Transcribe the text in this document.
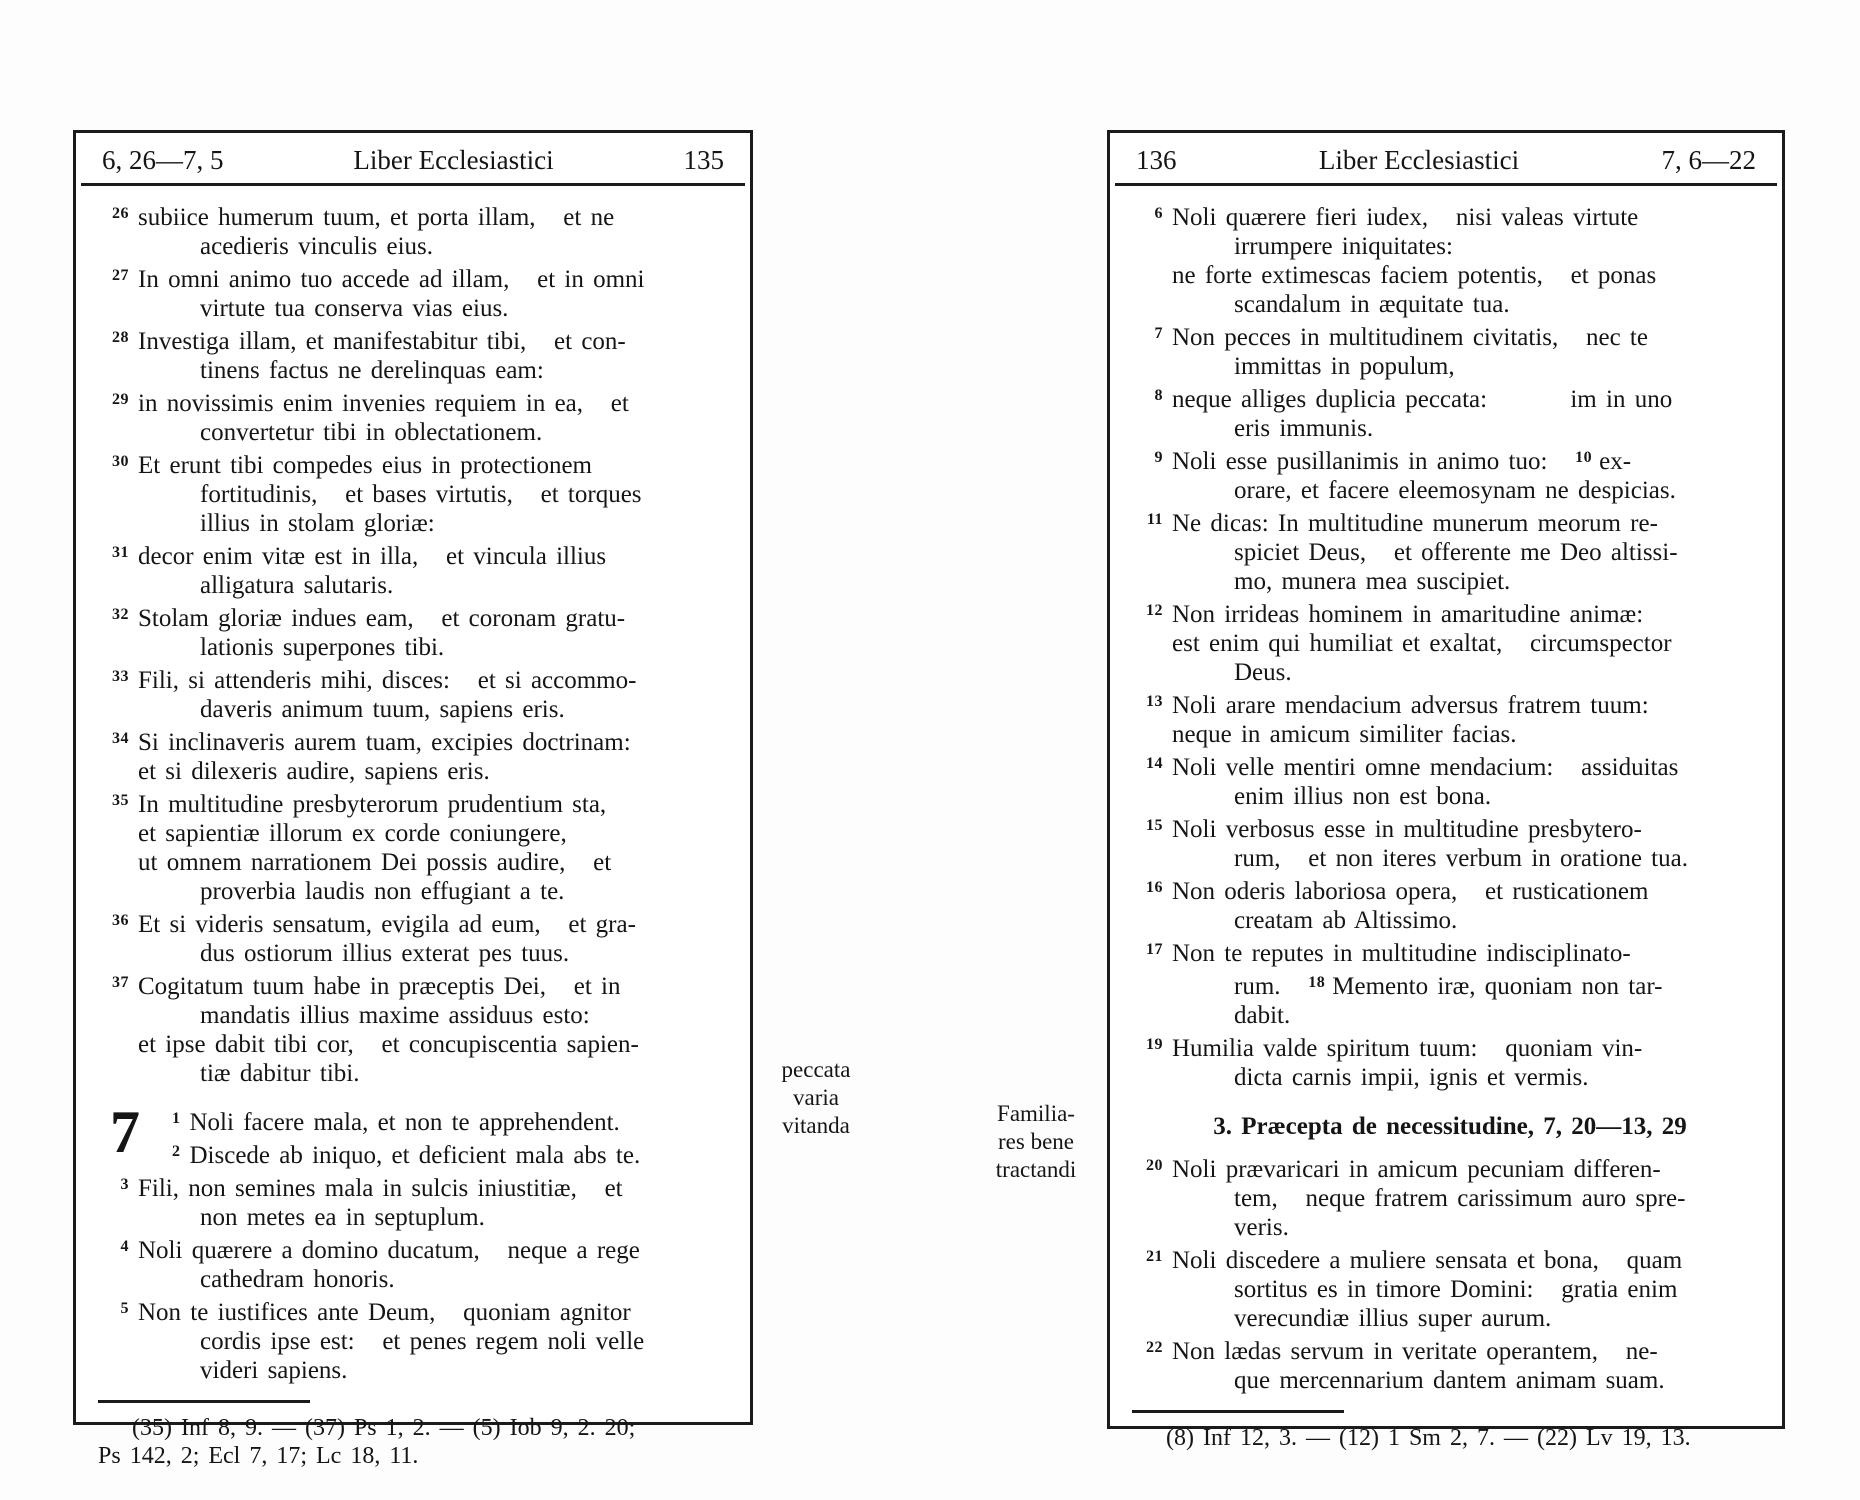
6, 26—7, 5	Liber Ecclesiastici	135
26 subiice humerum tuum, et porta illam,   et ne
acedieris vinculis eius.
27 In omni animo tuo accede ad illam,   et in omni
virtute tua conserva vias eius.
28 Investiga illam, et manifestabitur tibi,   et con-
tinens factus ne derelinquas eam:
29 in novissimis enim invenies requiem in ea,   et
convertetur tibi in oblectationem.
30 Et erunt tibi compedes eius in protectionem
fortitudinis,   et bases virtutis,   et torques
illius in stolam gloriæ:
31 decor enim vitæ est in illa,   et vincula illius
alligatura salutaris.
32 Stolam gloriæ indues eam,   et coronam gratu-
lationis superpones tibi.
33 Fili, si attenderis mihi, disces:   et si accommo-
daveris animum tuum, sapiens eris.
34 Si inclinaveris aurem tuam, excipies doctrinam:
et si dilexeris audire, sapiens eris.
35 In multitudine presbyterorum prudentium sta,
et sapientiæ illorum ex corde coniungere,
ut omnem narrationem Dei possis audire,   et
proverbia laudis non effugiant a te.
36 Et si videris sensatum, evigila ad eum,   et gra-
dus ostiorum illius exterat pes tuus.
37 Cogitatum tuum habe in præceptis Dei,   et in
mandatis illius maxime assiduus esto:
et ipse dabit tibi cor,   et concupiscentia sapien-
tiæ dabitur tibi.
7	$^1$ Noli facere mala, et non te apprehendent.
$^2$ Discede ab iniquo, et deficient mala abs te.
3 Fili, non semines mala in sulcis iniustitiæ,   et
non metes ea in septuplum.
4 Noli quærere a domino ducatum,   neque a rege
cathedram honoris.
5 Non te iustifices ante Deum,   quoniam agnitor
cordis ipse est:   et penes regem noli velle
videri sapiens.
(35) Inf 8, 9. — (37) Ps 1, 2. — (5) Iob 9, 2. 20;
Ps 142, 2; Ecl 7, 17; Lc 18, 11.
peccata
varia
vitanda	Familia-
res bene
tractandi
136	Liber Ecclesiastici	7, 6—22
6 Noli quærere fieri iudex,   nisi valeas virtute
irrumpere iniquitates:
ne forte extimescas faciem potentis,   et ponas
scandalum in æquitate tua.
7 Non pecces in multitudinem civitatis,   nec te
immittas in populum,
8 neque alliges duplicia peccata:         im in uno
eris immunis.
9 Noli esse pusillanimis in animo tuo:   $^{10}$ ex-
orare, et facere eleemosynam ne despicias.
11 Ne dicas: In multitudine munerum meorum re-
spiciet Deus,   et offerente me Deo altissi-
mo, munera mea suscipiet.
12 Non irrideas hominem in amaritudine animæ:
est enim qui humiliat et exaltat,   circumspector
Deus.
13 Noli arare mendacium adversus fratrem tuum:
neque in amicum similiter facias.
14 Noli velle mentiri omne mendacium:   assiduitas
enim illius non est bona.
15 Noli verbosus esse in multitudine presbytero-
rum,   et non iteres verbum in oratione tua.
16 Non oderis laboriosa opera,   et rusticationem
creatam ab Altissimo.
17 Non te reputes in multitudine indisciplinato-
rum.   $^{18}$ Memento iræ, quoniam non tar-
dabit.
19 Humilia valde spiritum tuum:   quoniam vin-
dicta carnis impii, ignis et vermis.
3. Præcepta de necessitudine, 7, 20—13, 29
20 Noli prævaricari in amicum pecuniam differen-
tem,   neque fratrem carissimum auro spre-
veris.
21 Noli discedere a muliere sensata et bona,   quam
sortitus es in timore Domini:   gratia enim
verecundiæ illius super aurum.
22 Non lædas servum in veritate operantem,   ne-
que mercennarium dantem animam suam.
(8) Inf 12, 3. — (12) 1 Sm 2, 7. — (22) Lv 19, 13.
